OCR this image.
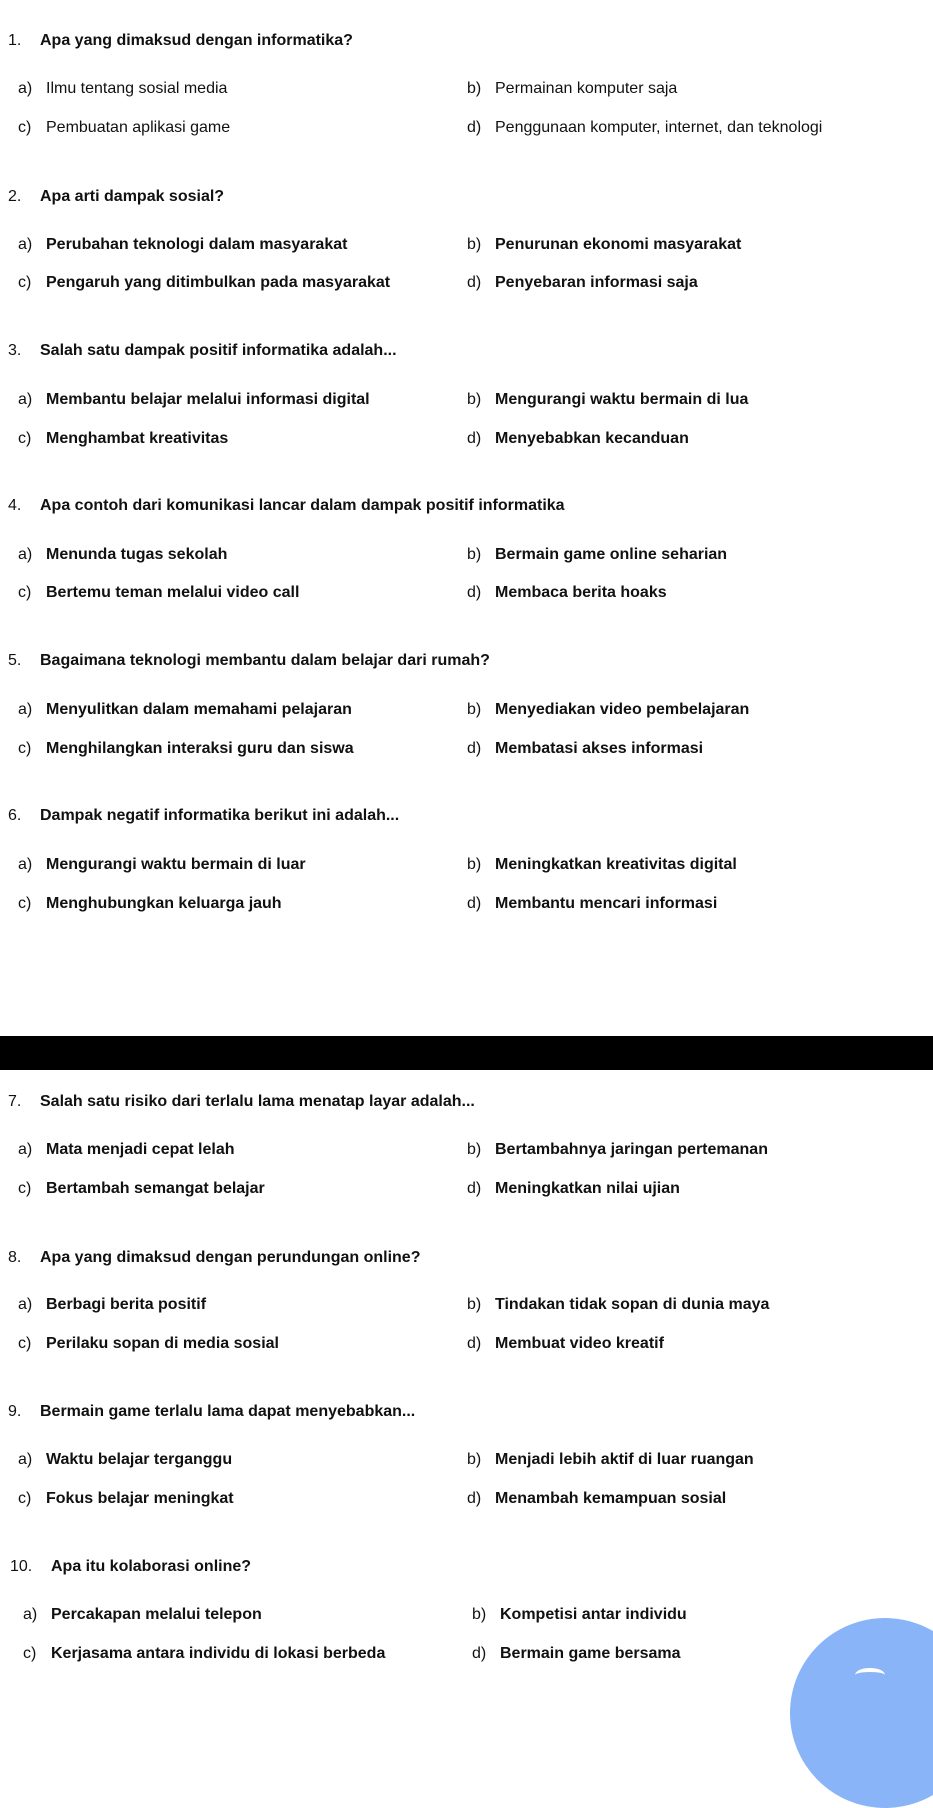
1. Apa yang dimaksud dengan informatika?
a) Ilmu tentang sosial media	b) Permainan komputer saja
c) Pembuatan aplikasi game	d) Penggunaan komputer, internet, dan teknologi
2. Apa arti dampak sosial?
a) Perubahan teknologi dalam masyarakat	b) Penurunan ekonomi masyarakat
c) Pengaruh yang ditimbulkan pada masyarakat	d) Penyebaran informasi saja
3. Salah satu dampak positif informatika adalah...
a) Membantu belajar melalui informasi digital	b) Mengurangi waktu bermain di lua
c) Menghambat kreativitas	d) Menyebabkan kecanduan
4. Apa contoh dari komunikasi lancar dalam dampak positif informatika
a) Menunda tugas sekolah	b) Bermain game online seharian
c) Bertemu teman melalui video call	d) Membaca berita hoaks
5. Bagaimana teknologi membantu dalam belajar dari rumah?
a) Menyulitkan dalam memahami pelajaran	b) Menyediakan video pembelajaran
c) Menghilangkan interaksi guru dan siswa	d) Membatasi akses informasi
6. Dampak negatif informatika berikut ini adalah...
a) Mengurangi waktu bermain di luar	b) Meningkatkan kreativitas digital
c) Menghubungkan keluarga jauh	d) Membantu mencari informasi
7. Salah satu risiko dari terlalu lama menatap layar adalah...
a) Mata menjadi cepat lelah	b) Bertambahnya jaringan pertemanan
c) Bertambah semangat belajar	d) Meningkatkan nilai ujian
8. Apa yang dimaksud dengan perundungan online?
a) Berbagi berita positif	b) Tindakan tidak sopan di dunia maya
c) Perilaku sopan di media sosial	d) Membuat video kreatif
9. Bermain game terlalu lama dapat menyebabkan...
a) Waktu belajar terganggu	b) Menjadi lebih aktif di luar ruangan
c) Fokus belajar meningkat	d) Menambah kemampuan sosial
10. Apa itu kolaborasi online?
a) Percakapan melalui telepon	b) Kompetisi antar individu
c) Kerjasama antara individu di lokasi berbeda	d) Bermain game bersama
